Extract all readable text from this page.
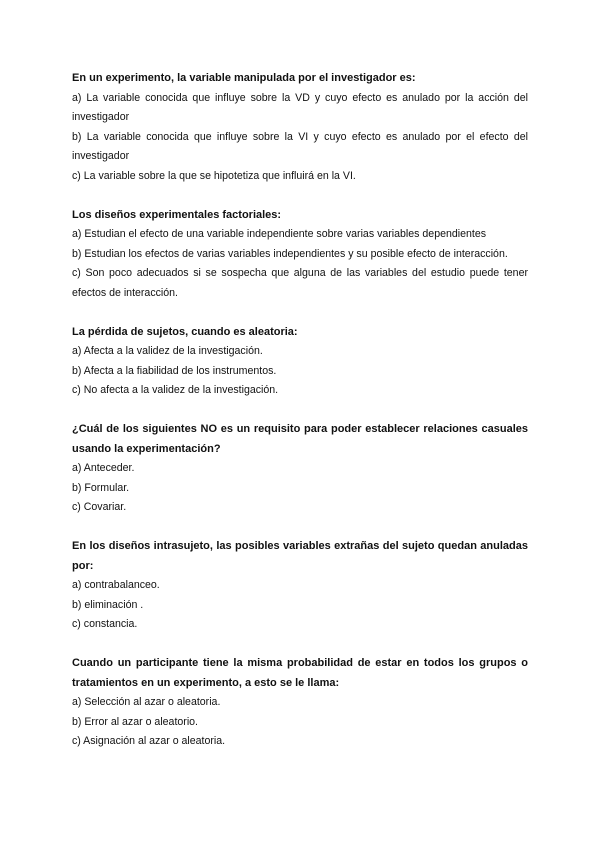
En un experimento, la variable manipulada por el investigador es:

a) La variable conocida que influye sobre la VD y cuyo efecto es anulado por la acción del investigador

b) La variable conocida que influye sobre la VI y cuyo efecto es anulado por el efecto del investigador

c) La variable sobre la que se hipotetiza que influirá en la VI.

Los diseños experimentales factoriales:

a) Estudian el efecto de una variable independiente sobre varias variables dependientes

b) Estudian los efectos de varias variables independientes y su posible efecto de interacción.

c) Son poco adecuados si se sospecha que alguna de las variables del estudio puede tener efectos de interacción.

La pérdida de sujetos, cuando es aleatoria:

a) Afecta a la validez de la investigación.

b) Afecta a la fiabilidad de los instrumentos.

c) No afecta a la validez de la investigación.

¿Cuál de los siguientes NO es un requisito para poder establecer relaciones casuales usando la experimentación?

a) Anteceder.

b) Formular.

c) Covariar.

En los diseños intrasujeto, las posibles variables extrañas del sujeto quedan anuladas por:

a) contrabalanceo.

b) eliminación .

c) constancia.

Cuando un participante tiene la misma probabilidad de estar en todos los grupos o tratamientos en un experimento, a esto se le llama:

a) Selección al azar o aleatoria.

b) Error al azar o aleatorio.

c) Asignación al azar o aleatoria.
